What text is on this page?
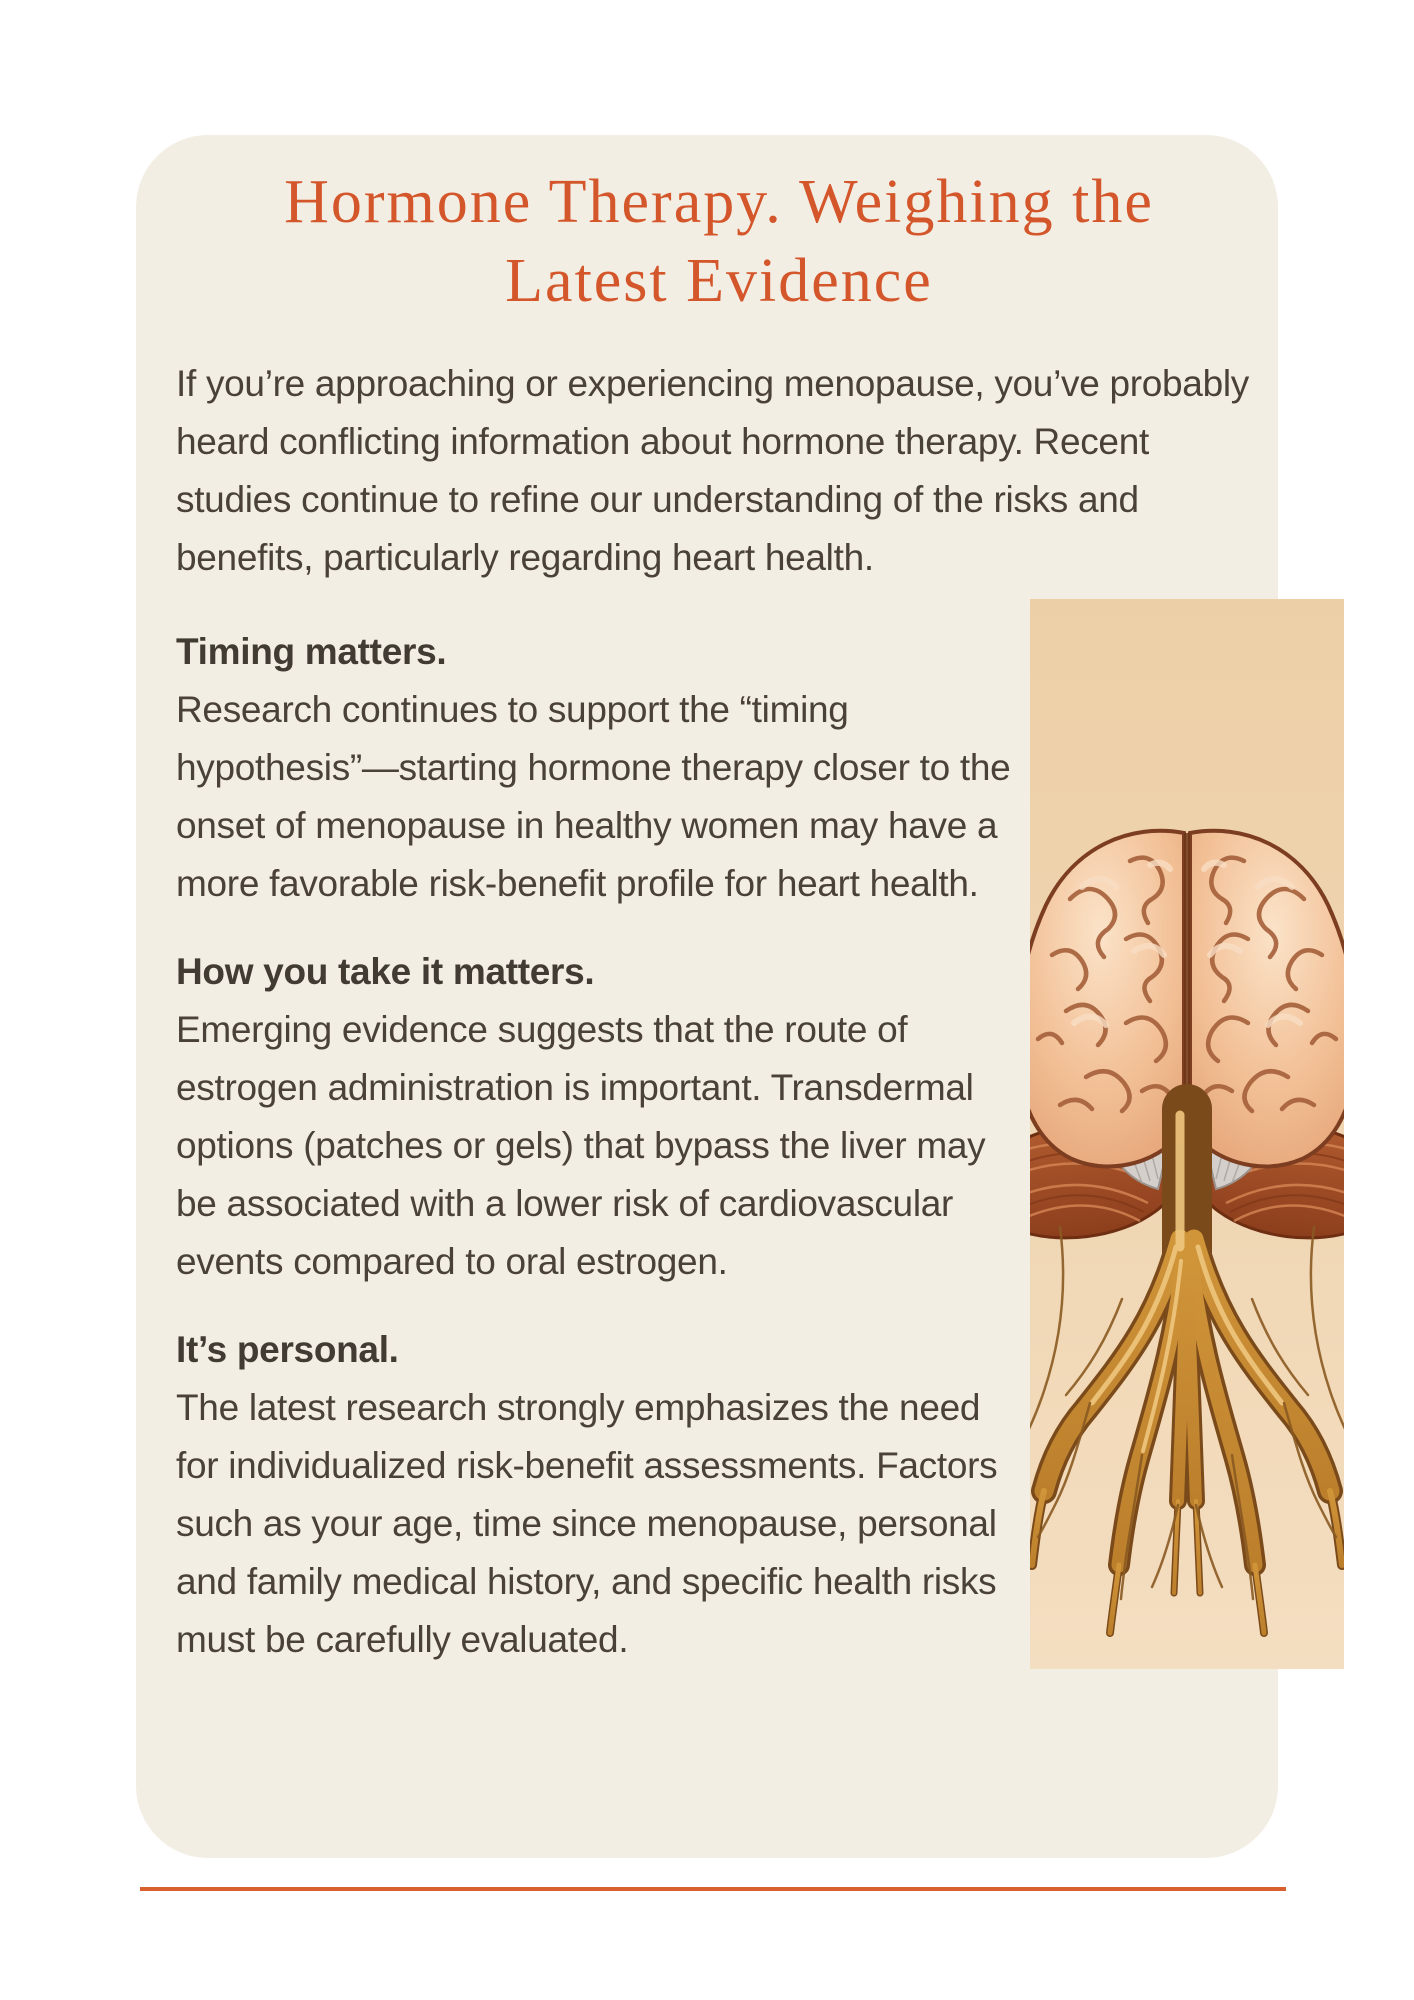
Hormone Therapy. Weighing the
Latest Evidence

If you’re approaching or experiencing menopause, you’ve probably heard conflicting information about hormone therapy. Recent studies continue to refine our understanding of the risks and benefits, particularly regarding heart health.

Timing matters.
Research continues to support the “timing hypothesis”—starting hormone therapy closer to the onset of menopause in healthy women may have a more favorable risk-benefit profile for heart health.
How you take it matters.
Emerging evidence suggests that the route of estrogen administration is important. Transdermal options (patches or gels) that bypass the liver may be associated with a lower risk of cardiovascular events compared to oral estrogen.
It’s personal.
The latest research strongly emphasizes the need for individualized risk-benefit assessments. Factors such as your age, time since menopause, personal and family medical history, and specific health risks must be carefully evaluated.
